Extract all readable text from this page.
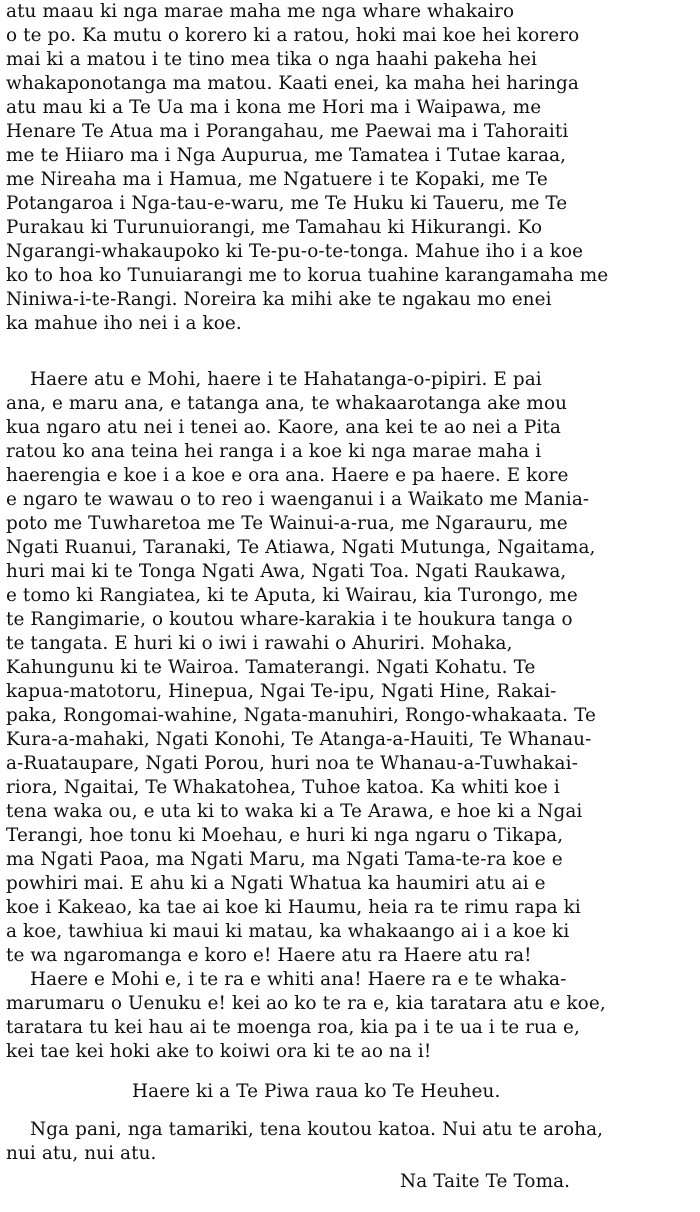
atu maau ki nga marae maha me nga whare whakairo
o te po. Ka mutu o korero ki a ratou, hoki mai koe hei korero
mai ki a matou i te tino mea tika o nga haahi pakeha hei
whakaponotanga ma matou. Kaati enei, ka maha hei haringa
atu mau ki a Te Ua ma i kona me Hori ma i Waipawa, me
Henare Te Atua ma i Porangahau, me Paewai ma i Tahoraiti
me te Hiiaro ma i Nga Aupurua, me Tamatea i Tutae karaa,
me Nireaha ma i Hamua, me Ngatuere i te Kopaki, me Te
Potangaroa i Nga-tau-e-waru, me Te Huku ki Taueru, me Te
Purakau ki Turunuiorangi, me Tamahau ki Hikurangi. Ko
Ngarangi-whakaupoko ki Te-pu-o-te-tonga. Mahue iho i a koe
ko to hoa ko Tunuiarangi me to korua tuahine karangamaha me
Niniwa-i-te-Rangi. Noreira ka mihi ake te ngakau mo enei
ka mahue iho nei i a koe.
Haere atu e Mohi, haere i te Hahatanga-o-pipiri. E pai
ana, e maru ana, e tatanga ana, te whakaarotanga ake mou
kua ngaro atu nei i tenei ao. Kaore, ana kei te ao nei a Pita
ratou ko ana teina hei ranga i a koe ki nga marae maha i
haerengia e koe i a koe e ora ana. Haere e pa haere. E kore
e ngaro te wawau o to reo i waenganui i a Waikato me Mania-
poto me Tuwharetoa me Te Wainui-a-rua, me Ngarauru, me
Ngati Ruanui, Taranaki, Te Atiawa, Ngati Mutunga, Ngaitama,
huri mai ki te Tonga Ngati Awa, Ngati Toa. Ngati Raukawa,
e tomo ki Rangiatea, ki te Aputa, ki Wairau, kia Turongo, me
te Rangimarie, o koutou whare-karakia i te houkura tanga o
te tangata. E huri ki o iwi i rawahi o Ahuriri. Mohaka,
Kahungunu ki te Wairoa. Tamaterangi. Ngati Kohatu. Te
kapua-matotoru, Hinepua, Ngai Te-ipu, Ngati Hine, Rakai-
paka, Rongomai-wahine, Ngata-manuhiri, Rongo-whakaata. Te
Kura-a-mahaki, Ngati Konohi, Te Atanga-a-Hauiti, Te Whanau-
a-Ruataupare, Ngati Porou, huri noa te Whanau-a-Tuwhakai-
riora, Ngaitai, Te Whakatohea, Tuhoe katoa. Ka whiti koe i
tena waka ou, e uta ki to waka ki a Te Arawa, e hoe ki a Ngai
Terangi, hoe tonu ki Moehau, e huri ki nga ngaru o Tikapa,
ma Ngati Paoa, ma Ngati Maru, ma Ngati Tama-te-ra koe e
powhiri mai. E ahu ki a Ngati Whatua ka haumiri atu ai e
koe i Kakeao, ka tae ai koe ki Haumu, heia ra te rimu rapa ki
a koe, tawhiua ki maui ki matau, ka whakaango ai i a koe ki
te wa ngaromanga e koro e! Haere atu ra Haere atu ra!
Haere e Mohi e, i te ra e whiti ana! Haere ra e te whaka-
marumaru o Uenuku e! kei ao ko te ra e, kia taratara atu e koe,
taratara tu kei hau ai te moenga roa, kia pa i te ua i te rua e,
kei tae kei hoki ake to koiwi ora ki te ao na i!
Haere ki a Te Piwa raua ko Te Heuheu.
Nga pani, nga tamariki, tena koutou katoa. Nui atu te aroha,
nui atu, nui atu.
Na Taite Te Toma.
